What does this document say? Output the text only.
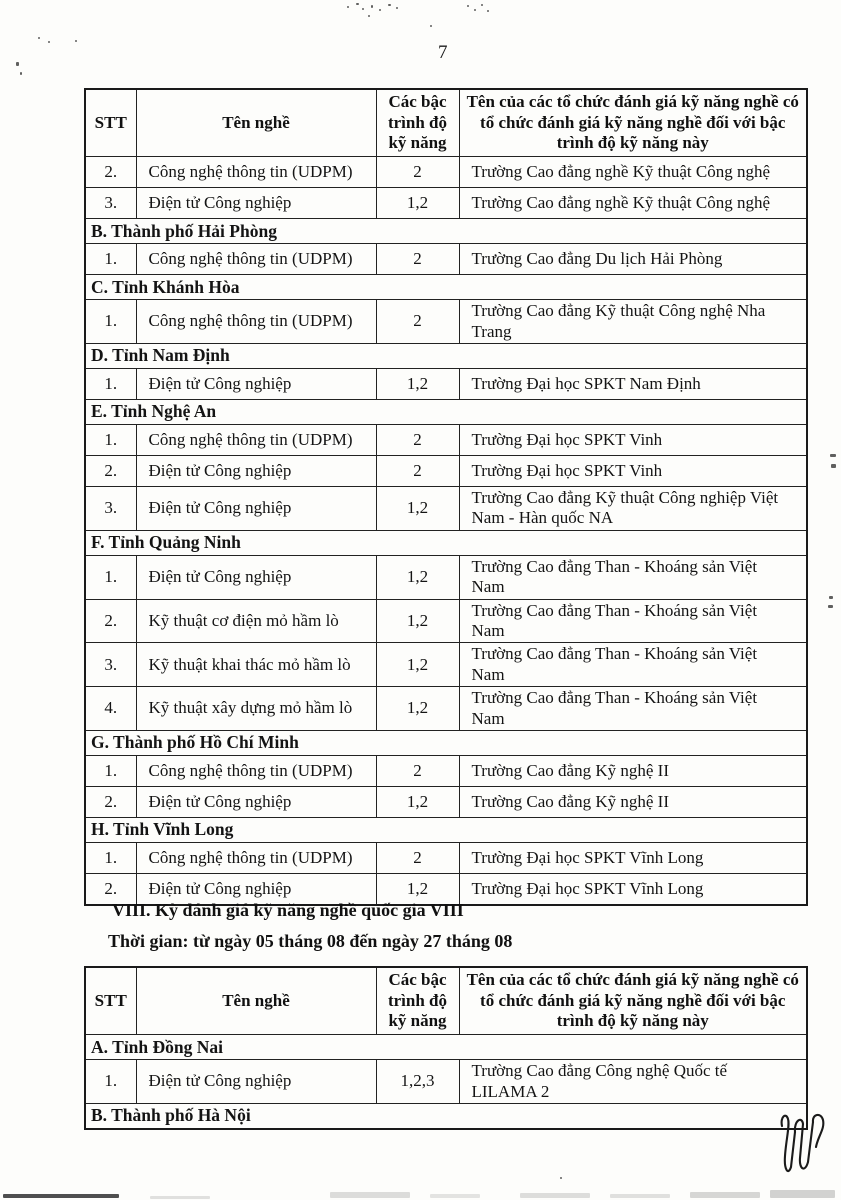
7
STT	Tên nghề	Các bậc trình độ kỹ năng	Tên của các tổ chức đánh giá kỹ năng nghề có tổ chức đánh giá kỹ năng nghề đối với bậc trình độ kỹ năng này
2.	Công nghệ thông tin (UDPM)	2	Trường Cao đẳng nghề Kỹ thuật Công nghệ
3.	Điện tử Công nghiệp	1,2	Trường Cao đẳng nghề Kỹ thuật Công nghệ
B. Thành phố Hải Phòng			
1.	Công nghệ thông tin (UDPM)	2	Trường Cao đẳng Du lịch Hải Phòng
C. Tỉnh Khánh Hòa			
1.	Công nghệ thông tin (UDPM)	2	Trường Cao đẳng Kỹ thuật Công nghệ Nha Trang
D. Tỉnh Nam Định			
1.	Điện tử Công nghiệp	1,2	Trường Đại học SPKT Nam Định
E. Tỉnh Nghệ An			
1.	Công nghệ thông tin (UDPM)	2	Trường Đại học SPKT Vinh
2.	Điện tử Công nghiệp	2	Trường Đại học SPKT Vinh
3.	Điện tử Công nghiệp	1,2	Trường Cao đẳng Kỹ thuật Công nghiệp Việt Nam - Hàn quốc NA
F. Tỉnh Quảng Ninh			
1.	Điện tử Công nghiệp	1,2	Trường Cao đẳng Than - Khoáng sản Việt Nam
2.	Kỹ thuật cơ điện mỏ hầm lò	1,2	Trường Cao đẳng Than - Khoáng sản Việt Nam
3.	Kỹ thuật khai thác mỏ hầm lò	1,2	Trường Cao đẳng Than - Khoáng sản Việt Nam
4.	Kỹ thuật xây dựng mỏ hầm lò	1,2	Trường Cao đẳng Than - Khoáng sản Việt Nam
G. Thành phố Hồ Chí Minh			
1.	Công nghệ thông tin (UDPM)	2	Trường Cao đẳng Kỹ nghệ II
2.	Điện tử Công nghiệp	1,2	Trường Cao đẳng Kỹ nghệ II
H. Tỉnh Vĩnh Long			
1.	Công nghệ thông tin (UDPM)	2	Trường Đại học SPKT Vĩnh Long
2.	Điện tử Công nghiệp	1,2	Trường Đại học SPKT Vĩnh Long
VIII. Kỳ đánh giá kỹ năng nghề quốc gia VIII
Thời gian: từ ngày 05 tháng 08 đến ngày 27 tháng 08
STT	Tên nghề	Các bậc trình độ kỹ năng	Tên của các tổ chức đánh giá kỹ năng nghề có tổ chức đánh giá kỹ năng nghề đối với bậc trình độ kỹ năng này
A. Tỉnh Đồng Nai			
1.	Điện tử Công nghiệp	1,2,3	Trường Cao đẳng Công nghệ Quốc tế LILAMA 2
B. Thành phố Hà Nội			
